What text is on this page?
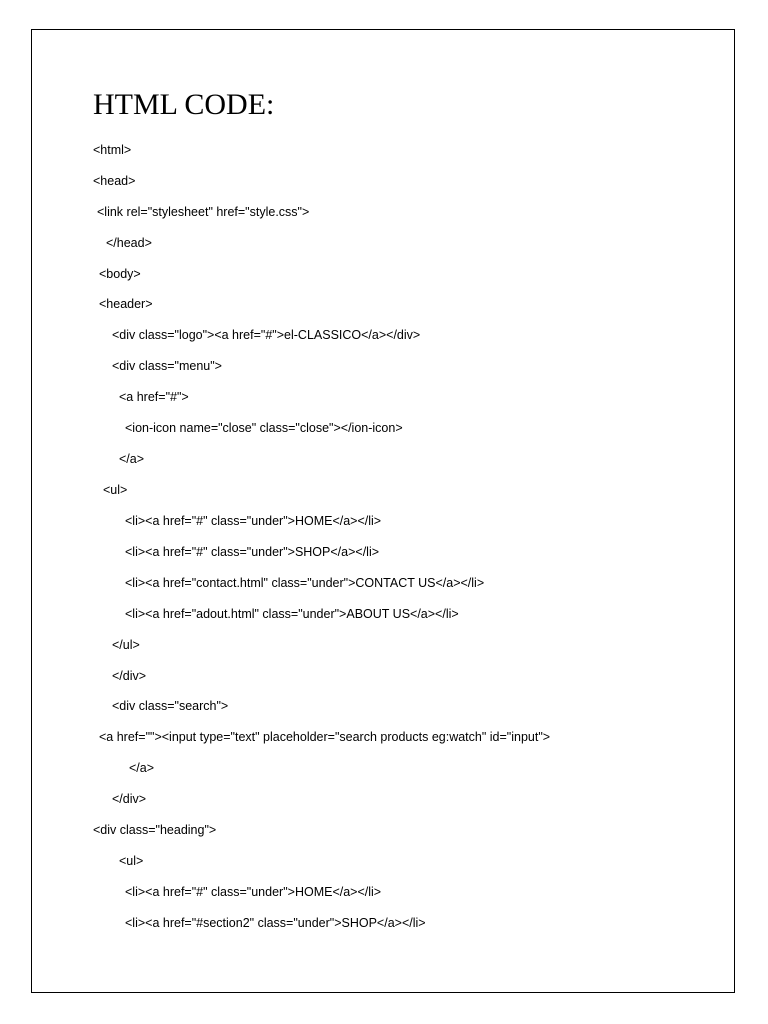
HTML CODE:
<html>
<head>
<link rel="stylesheet" href="style.css">
</head>
<body>
<header>
<div class="logo"><a href="#">el-CLASSICO</a></div>
<div class="menu">
<a href="#">
<ion-icon name="close" class="close"></ion-icon>
</a>
<ul>
<li><a href="#" class="under">HOME</a></li>
<li><a href="#" class="under">SHOP</a></li>
<li><a href="contact.html" class="under">CONTACT US</a></li>
<li><a href="adout.html" class="under">ABOUT US</a></li>
</ul>
</div>
<div class="search">
<a href=""><input type="text" placeholder="search products eg:watch" id="input">
</a>
</div>
<div class="heading">
<ul>
<li><a href="#" class="under">HOME</a></li>
<li><a href="#section2" class="under">SHOP</a></li>
